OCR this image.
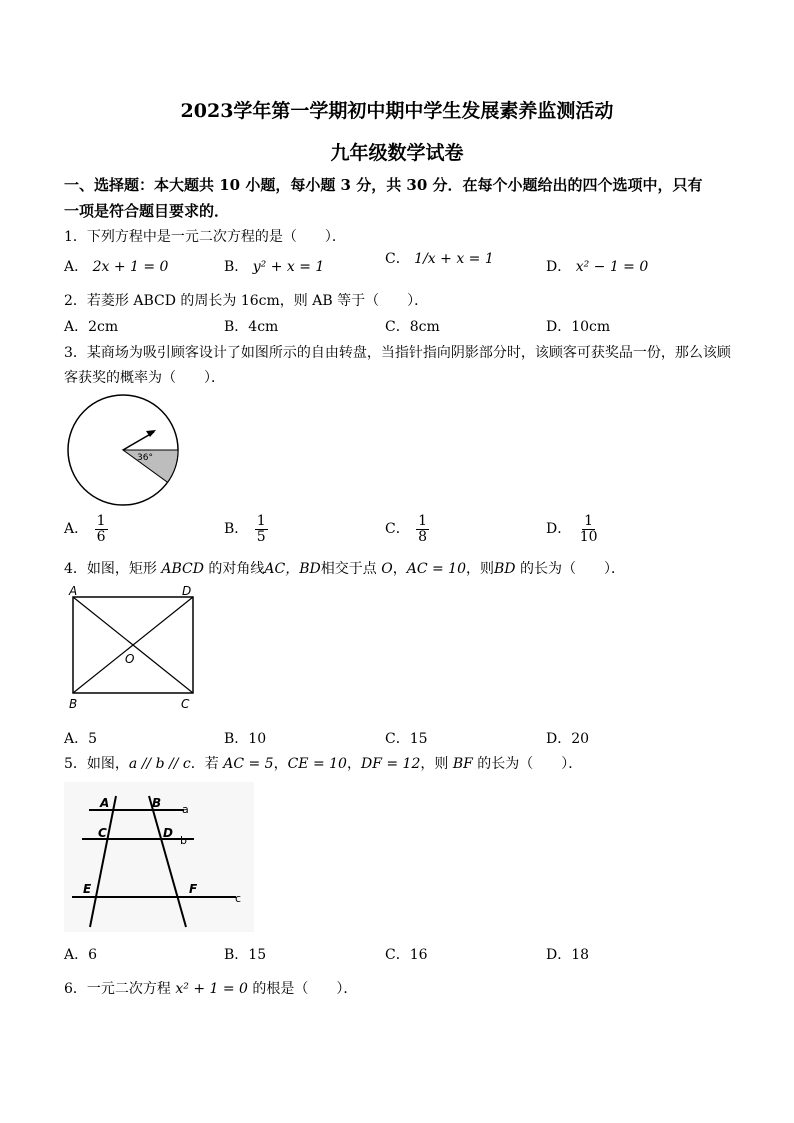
2023学年第一学期初中期中学生发展素养监测活动
九年级数学试卷
一、选择题：本大题共 10 小题，每小题 3 分，共 30 分．在每个小题给出的四个选项中，只有
一项是符合题目要求的．
1．下列方程中是一元二次方程的是（　　）．
A． 2x + 1 = 0	B． y² + x = 1	C． 1/x + x = 1	D． x² − 1 = 0
2．若菱形 ABCD 的周长为 16cm，则 AB 等于（　　）．
A．2cm	B．4cm	C．8cm	D．10cm
3．某商场为吸引顾客设计了如图所示的自由转盘，当指针指向阴影部分时，该顾客可获奖品一份，那么该顾
客获奖的概率为（　　）．
36°
A． $\frac{1}{6}$	B． $\frac{1}{5}$	C． $\frac{1}{8}$	D． $\frac{1}{10}$
4．如图，矩形 ABCD 的对角线AC，BD相交于点 O，AC = 10，则BD 的长为（　　）．
A	D
B	C
O
A．5	B．10	C．15	D．20
5．如图，a // b // c．若 AC = 5，CE = 10，DF = 12，则 BF 的长为（　　）．
A	B a
C	D
b
E	F
c
A．6	B．15	C．16	D．18
6．一元二次方程 x² + 1 = 0 的根是（　　）．
